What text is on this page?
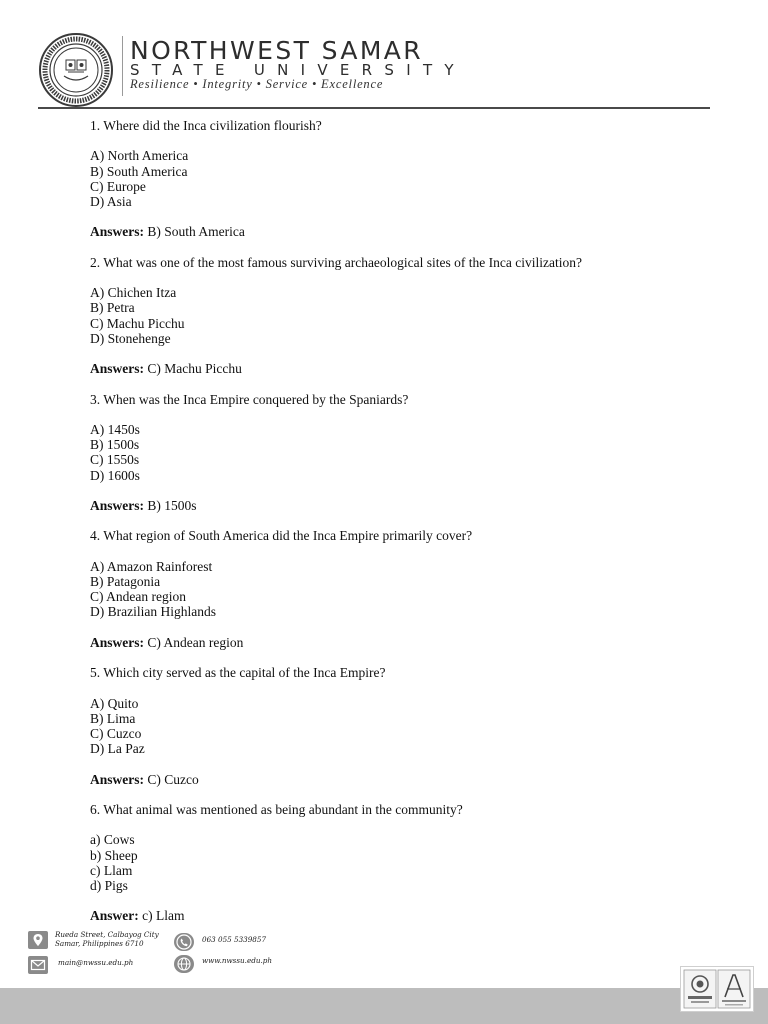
NORTHWEST SAMAR
STATE UNIVERSITY
Resilience • Integrity • Service • Excellence

1. Where did the Inca civilization flourish?

A) North America

B) South America

C) Europe

D) Asia

Answers: B) South America

2. What was one of the most famous surviving archaeological sites of the Inca civilization?

A) Chichen Itza

B) Petra

C) Machu Picchu

D) Stonehenge

Answers: C) Machu Picchu

3. When was the Inca Empire conquered by the Spaniards?

A) 1450s

B) 1500s

C) 1550s

D) 1600s

Answers: B) 1500s

4. What region of South America did the Inca Empire primarily cover?

A) Amazon Rainforest

B) Patagonia

C) Andean region

D) Brazilian Highlands

Answers: C) Andean region

5. Which city served as the capital of the Inca Empire?

A) Quito

B) Lima

C) Cuzco

D) La Paz

Answers: C) Cuzco

6. What animal was mentioned as being abundant in the community?

a) Cows

b) Sheep

c) Llam

d) Pigs

Answer: c) Llam

Rueda Street, Calbayog City
Samar, Philippines 6710	063 055 5339857
main@nwssu.edu.ph	www.nwssu.edu.ph
